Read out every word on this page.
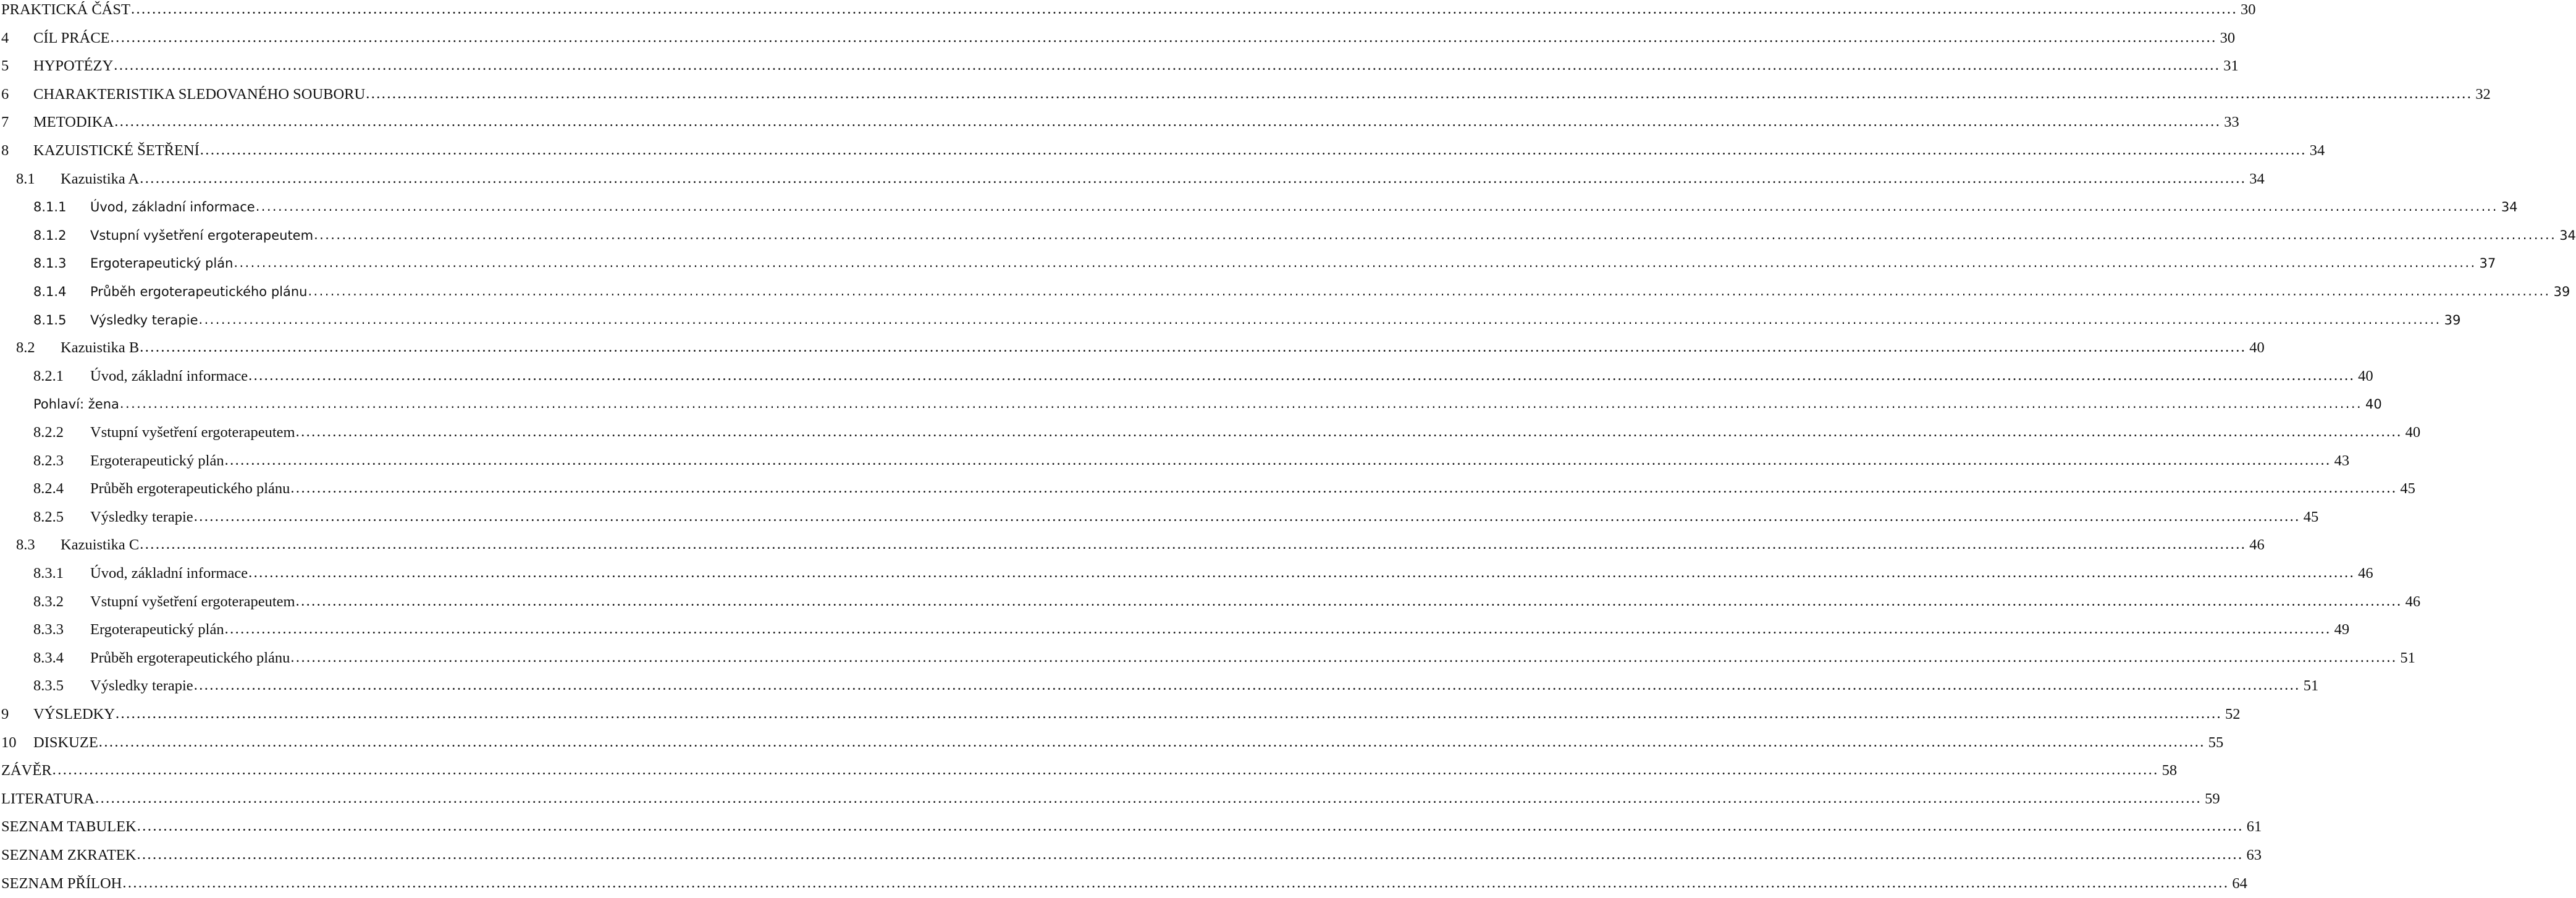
PRAKTICKÁ ČÁST ................................................................................................................................................................................................................................................................................................................................................................................................................ 30
4 CÍL PRÁCE ................................................................................................................................................................................................................................................................................................................................................................................................................ 30
5 HYPOTÉZY ................................................................................................................................................................................................................................................................................................................................................................................................................ 31
6 CHARAKTERISTIKA SLEDOVANÉHO SOUBORU ................................................................................................................................................................................................................................................................................................................................................................................................................ 32
7 METODIKA ................................................................................................................................................................................................................................................................................................................................................................................................................ 33
8 KAZUISTICKÉ ŠETŘENÍ ................................................................................................................................................................................................................................................................................................................................................................................................................ 34
8.1 Kazuistika A ................................................................................................................................................................................................................................................................................................................................................................................................................ 34
8.1.1 Úvod, základní informace ................................................................................................................................................................................................................................................................................................................................................................................................................ 34
8.1.2 Vstupní vyšetření ergoterapeutem ................................................................................................................................................................................................................................................................................................................................................................................................................ 34
8.1.3 Ergoterapeutický plán ................................................................................................................................................................................................................................................................................................................................................................................................................ 37
8.1.4 Průběh ergoterapeutického plánu ................................................................................................................................................................................................................................................................................................................................................................................................................ 39
8.1.5 Výsledky terapie ................................................................................................................................................................................................................................................................................................................................................................................................................ 39
8.2 Kazuistika B ................................................................................................................................................................................................................................................................................................................................................................................................................ 40
8.2.1 Úvod, základní informace ................................................................................................................................................................................................................................................................................................................................................................................................................ 40
Pohlaví: žena ................................................................................................................................................................................................................................................................................................................................................................................................................ 40
8.2.2 Vstupní vyšetření ergoterapeutem ................................................................................................................................................................................................................................................................................................................................................................................................................ 40
8.2.3 Ergoterapeutický plán ................................................................................................................................................................................................................................................................................................................................................................................................................ 43
8.2.4 Průběh ergoterapeutického plánu ................................................................................................................................................................................................................................................................................................................................................................................................................ 45
8.2.5 Výsledky terapie ................................................................................................................................................................................................................................................................................................................................................................................................................ 45
8.3 Kazuistika C ................................................................................................................................................................................................................................................................................................................................................................................................................ 46
8.3.1 Úvod, základní informace ................................................................................................................................................................................................................................................................................................................................................................................................................ 46
8.3.2 Vstupní vyšetření ergoterapeutem ................................................................................................................................................................................................................................................................................................................................................................................................................ 46
8.3.3 Ergoterapeutický plán ................................................................................................................................................................................................................................................................................................................................................................................................................ 49
8.3.4 Průběh ergoterapeutického plánu ................................................................................................................................................................................................................................................................................................................................................................................................................ 51
8.3.5 Výsledky terapie ................................................................................................................................................................................................................................................................................................................................................................................................................ 51
9 VÝSLEDKY ................................................................................................................................................................................................................................................................................................................................................................................................................ 52
10 DISKUZE ................................................................................................................................................................................................................................................................................................................................................................................................................ 55
ZÁVĚR ................................................................................................................................................................................................................................................................................................................................................................................................................ 58
LITERATURA ................................................................................................................................................................................................................................................................................................................................................................................................................ 59
SEZNAM TABULEK ................................................................................................................................................................................................................................................................................................................................................................................................................ 61
SEZNAM ZKRATEK ................................................................................................................................................................................................................................................................................................................................................................................................................ 63
SEZNAM PŘÍLOH ................................................................................................................................................................................................................................................................................................................................................................................................................ 64
